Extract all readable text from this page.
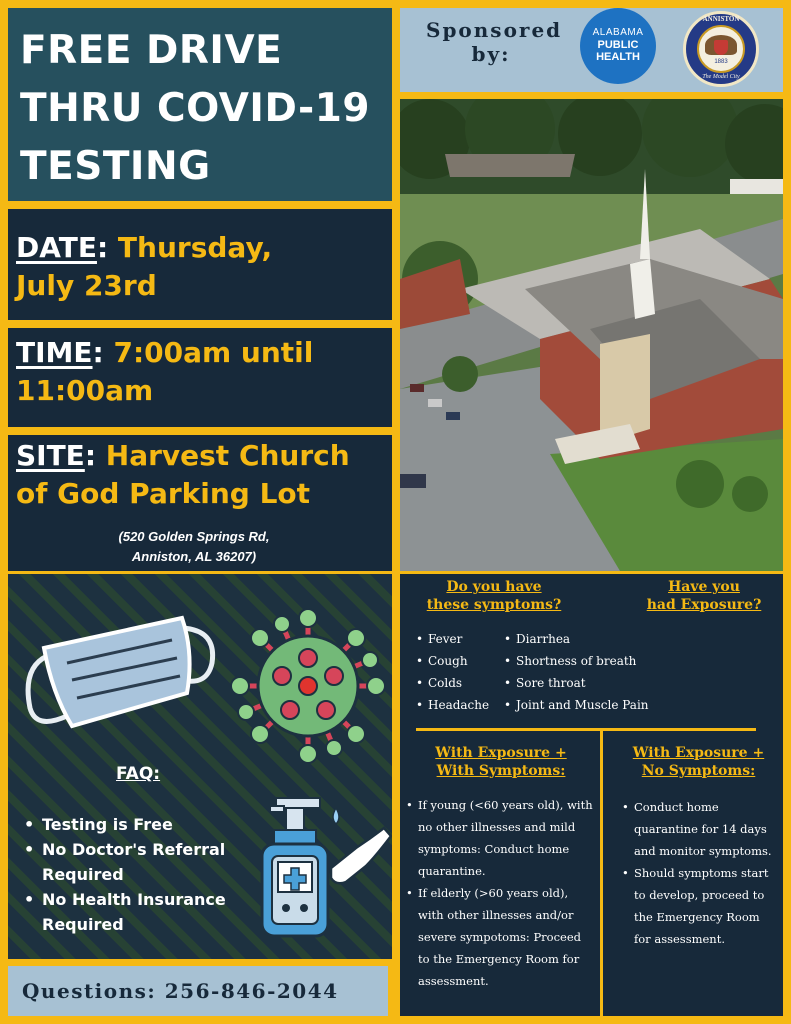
FREE DRIVE
THRU COVID-19
TESTING
Sponsored
by:
ALABAMA
PUBLIC
HEALTH
ANNISTON
1883
The Model City
DATE: Thursday,
July 23rd
TIME: 7:00am until
11:00am
SITE: Harvest Church
of God Parking Lot
(520 Golden Springs Rd,
Anniston, AL 36207)
FAQ:
• Testing is Free
• No Doctor's Referral Required
• No Health Insurance Required
Questions: 256-846-2044
Do you have
these symptoms?
Have you
had Exposure?
• Fever
• Cough
• Colds
• Headache
• Diarrhea
• Shortness of breath
• Sore throat
• Joint and Muscle Pain
With Exposure +
With Symptoms:
• If young (<60 years old), with no other illnesses and mild symptoms: Conduct home quarantine.
• If elderly (>60 years old), with other illnesses and/or severe sympotoms: Proceed to the Emergency Room for assessment.
With Exposure +
No Symptoms:
• Conduct home quarantine for 14 days and monitor symptoms.
• Should symptoms start to develop, proceed to the Emergency Room for assessment.
